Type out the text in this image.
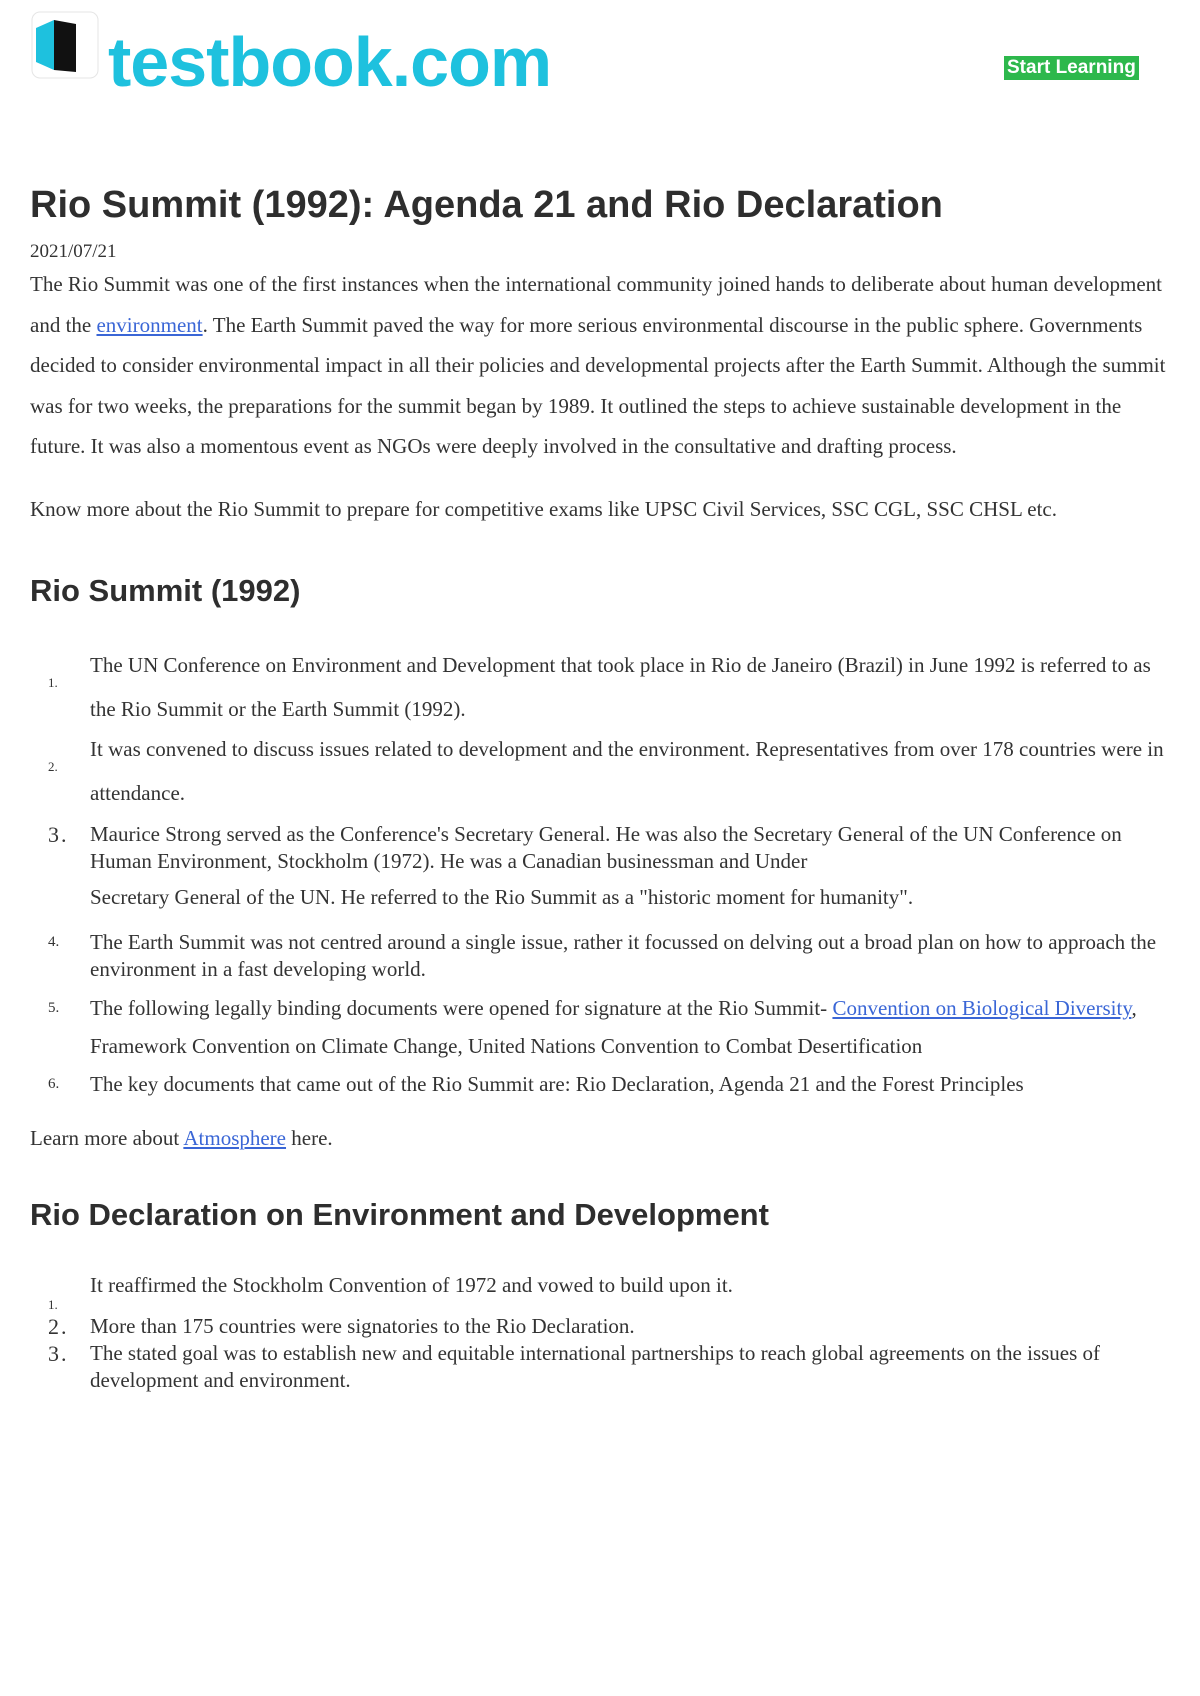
testbook.com	Start Learning
Rio Summit (1992): Agenda 21 and Rio Declaration
2021/07/21

The Rio Summit was one of the first instances when the international community joined hands to deliberate about human development and the environment. The Earth Summit paved the way for more serious environmental discourse in the public sphere. Governments decided to consider environmental impact in all their policies and developmental projects after the Earth Summit. Although the summit was for two weeks, the preparations for the summit began by 1989. It outlined the steps to achieve sustainable development in the future. It was also a momentous event as NGOs were deeply involved in the consultative and drafting process.

Know more about the Rio Summit to prepare for competitive exams like UPSC Civil Services, SSC CGL, SSC CHSL etc.

Rio Summit (1992)
1.
The UN Conference on Environment and Development that took place in Rio de Janeiro (Brazil) in June 1992 is referred to as the Rio Summit or the Earth Summit (1992).
2.
It was convened to discuss issues related to development and the environment. Representatives from over 178 countries were in attendance.
3.	Maurice Strong served as the Conference's Secretary General. He was also the Secretary General of the UN Conference on Human Environment, Stockholm (1972). He was a Canadian businessman and Under
Secretary General of the UN. He referred to the Rio Summit as a "historic moment for humanity".
4.	The Earth Summit was not centred around a single issue, rather it focussed on delving out a broad plan on how to approach the environment in a fast developing world.
5.	The following legally binding documents were opened for signature at the Rio Summit- Convention on Biological Diversity, Framework Convention on Climate Change, United Nations Convention to Combat Desertification
6.	The key documents that came out of the Rio Summit are: Rio Declaration, Agenda 21 and the Forest Principles

Learn more about Atmosphere here.

Rio Declaration on Environment and Development
1.
It reaffirmed the Stockholm Convention of 1972 and vowed to build upon it.
2.	More than 175 countries were signatories to the Rio Declaration.
3.	The stated goal was to establish new and equitable international partnerships to reach global agreements on the issues of development and environment.
